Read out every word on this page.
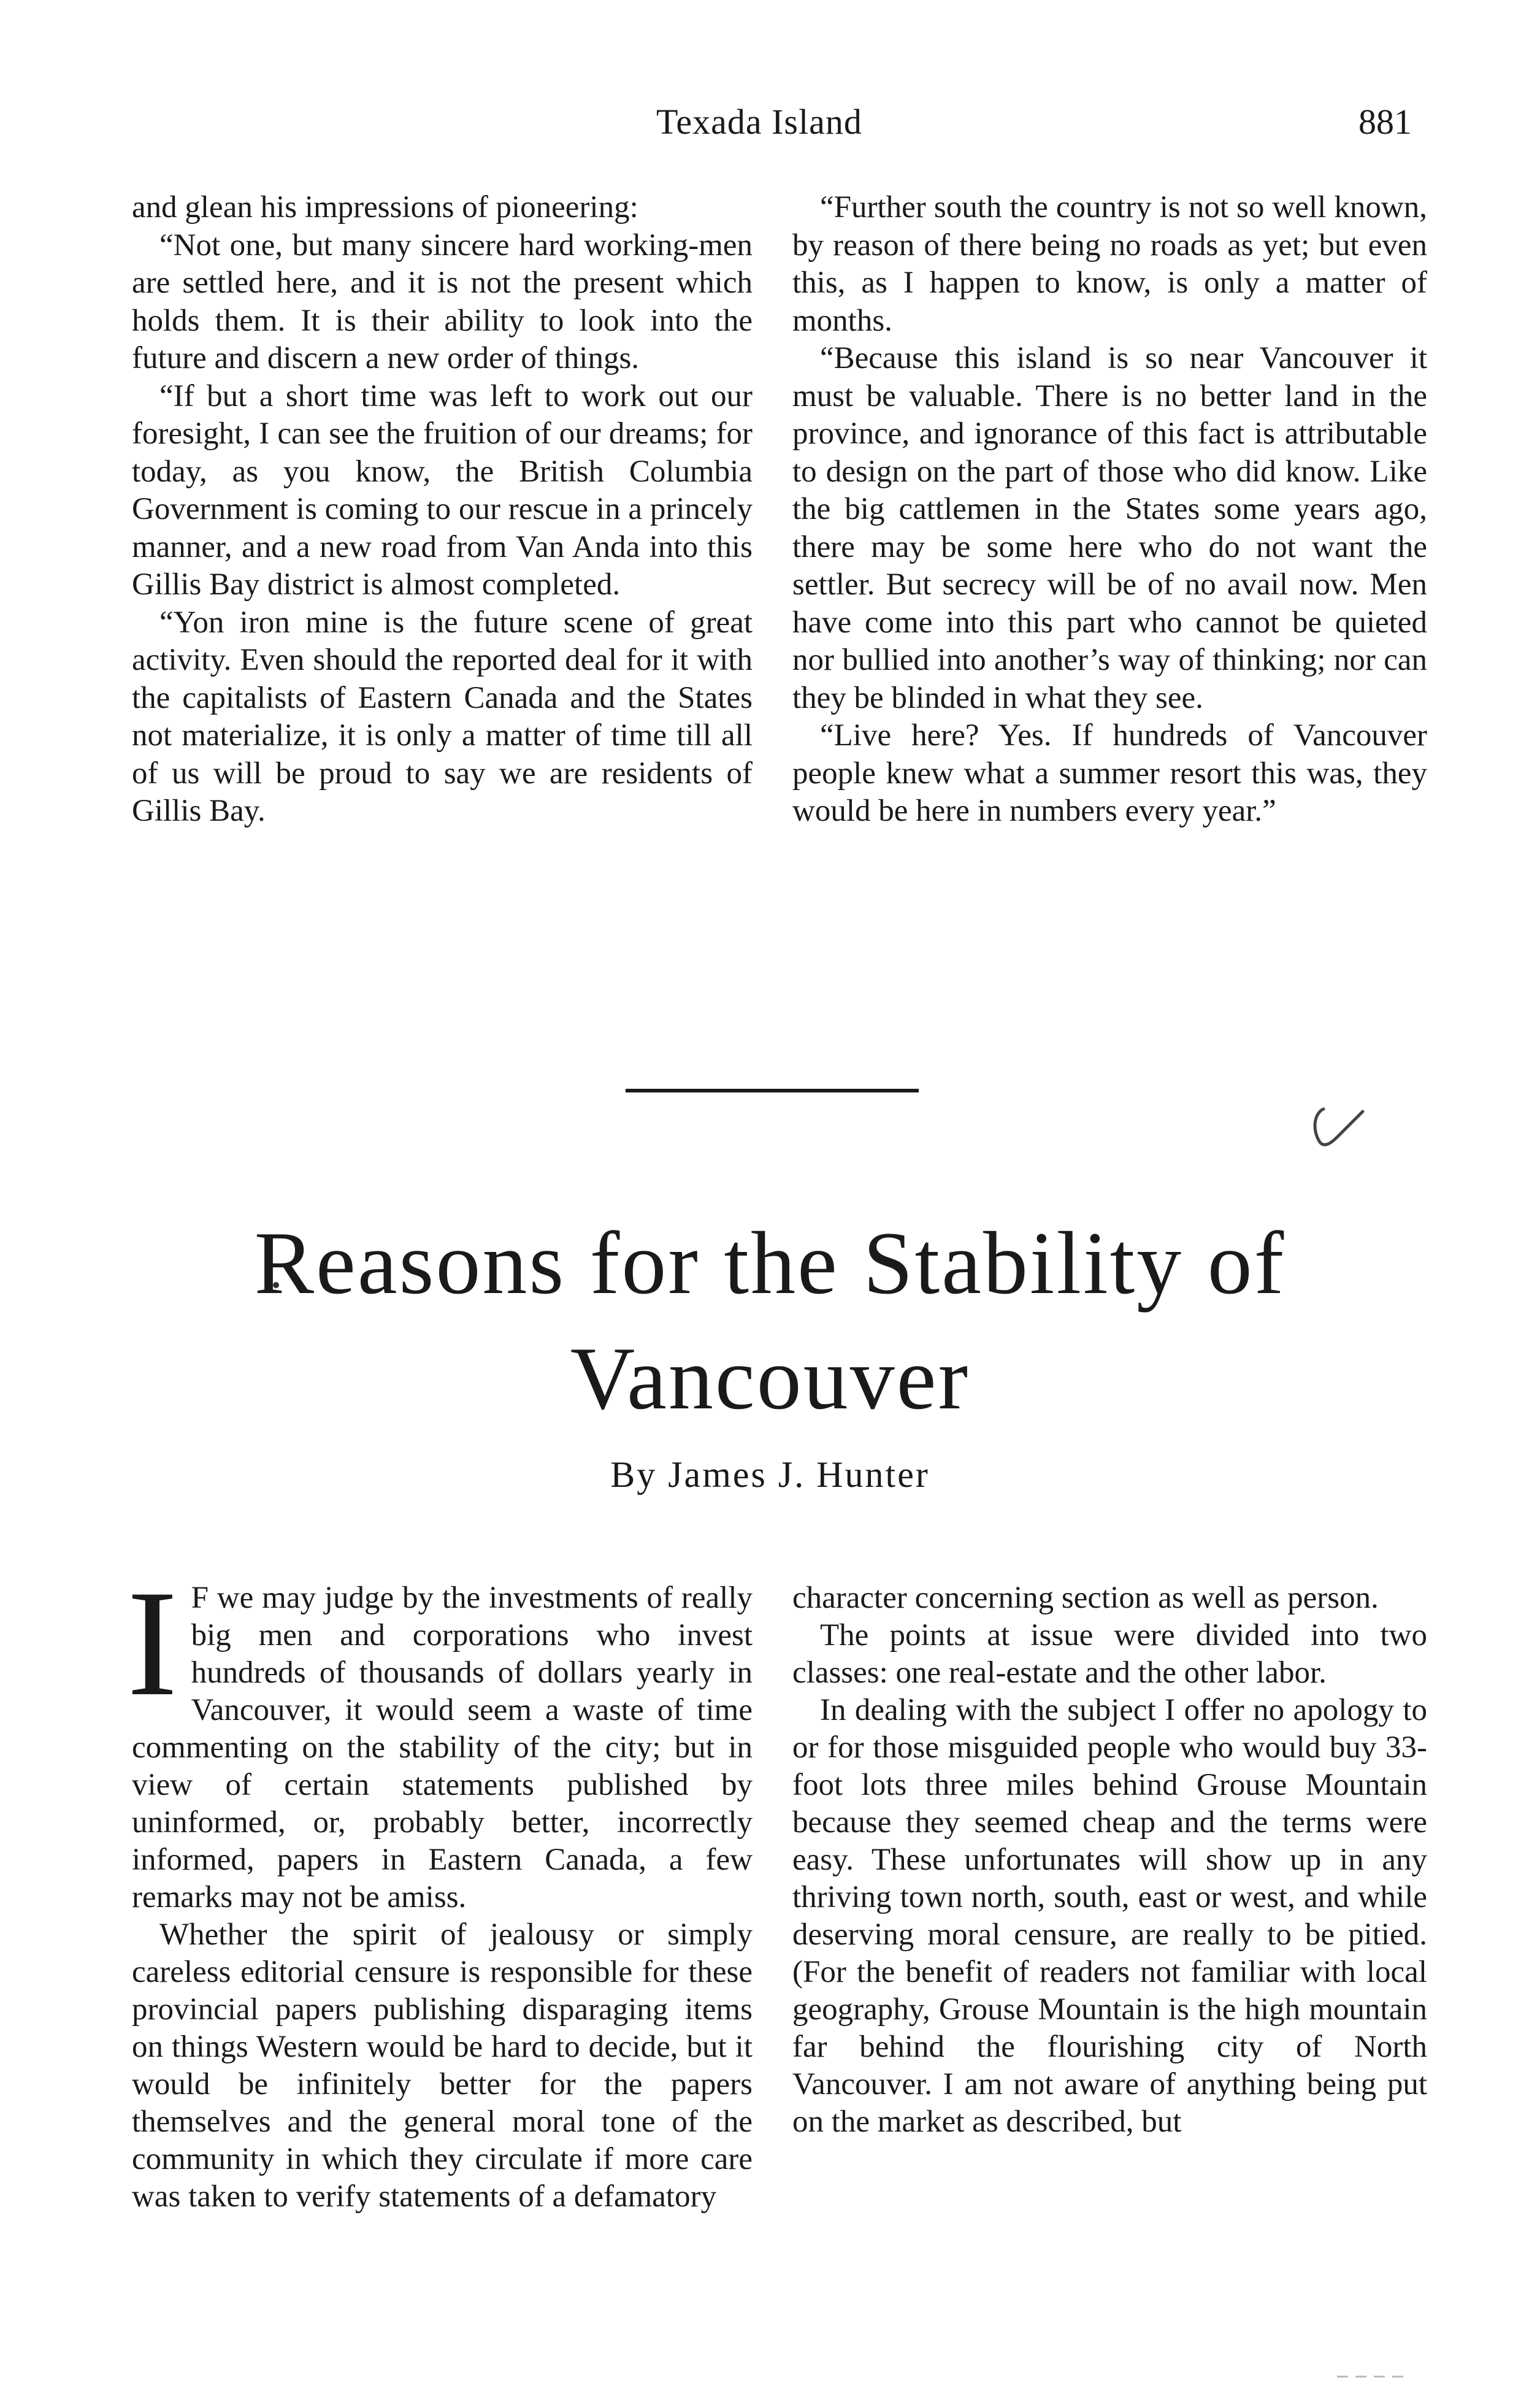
Texada Island	881

and glean his impressions of pioneering:

“Not one, but many sincere hard working-men are settled here, and it is not the present which holds them. It is their ability to look into the future and discern a new order of things.

“If but a short time was left to work out our foresight, I can see the fruition of our dreams; for today, as you know, the British Columbia Government is coming to our rescue in a princely manner, and a new road from Van Anda into this Gillis Bay district is almost completed.

“Yon iron mine is the future scene of great activity. Even should the reported deal for it with the capitalists of Eastern Canada and the States not materialize, it is only a matter of time till all of us will be proud to say we are residents of Gillis Bay.

“Further south the country is not so well known, by reason of there being no roads as yet; but even this, as I happen to know, is only a matter of months.

“Because this island is so near Vancouver it must be valuable. There is no better land in the province, and ignorance of this fact is attributable to design on the part of those who did know. Like the big cattlemen in the States some years ago, there may be some here who do not want the settler. But secrecy will be of no avail now. Men have come into this part who cannot be quieted nor bullied into another’s way of thinking; nor can they be blinded in what they see.

“Live here? Yes. If hundreds of Vancouver people knew what a summer resort this was, they would be here in numbers every year.”

Reasons for the Stability of
Vancouver
By James J. Hunter

I F we may judge by the investments of really big men and corporations who invest hundreds of thousands of dollars yearly in Vancouver, it would seem a waste of time commenting on the stability of the city; but in view of certain statements published by uninformed, or, probably better, incorrectly informed, papers in Eastern Canada, a few remarks may not be amiss.

Whether the spirit of jealousy or simply careless editorial censure is responsible for these provincial papers publishing disparaging items on things Western would be hard to decide, but it would be infinitely better for the papers themselves and the general moral tone of the community in which they circulate if more care was taken to verify statements of a defamatory

character concerning section as well as person.

The points at issue were divided into two classes: one real-estate and the other labor.

In dealing with the subject I offer no apology to or for those misguided people who would buy 33-foot lots three miles behind Grouse Mountain because they seemed cheap and the terms were easy. These unfortunates will show up in any thriving town north, south, east or west, and while deserving moral censure, are really to be pitied. (For the benefit of readers not familiar with local geography, Grouse Mountain is the high mountain far behind the flourishing city of North Vancouver. I am not aware of anything being put on the market as described, but
